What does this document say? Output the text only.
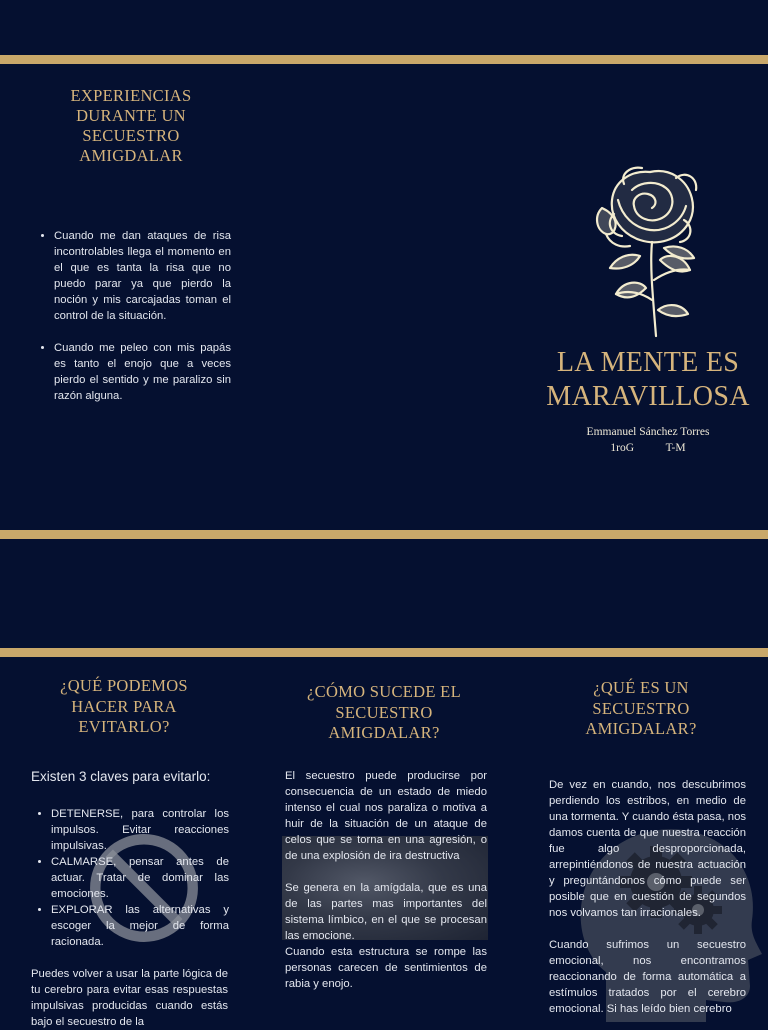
EXPERIENCIAS DURANTE UN SECUESTRO AMIGDALAR
• Cuando me dan ataques de risa incontrolables llega el momento en el que es tanta la risa que no puedo parar ya que pierdo la noción y mis carcajadas toman el control de la situación.
• Cuando me peleo con mis papás es tanto el enojo que a veces pierdo el sentido y me paralizo sin razón alguna.
LA MENTE ES MARAVILLOSA
Emmanuel Sánchez Torres
1roG	T-M
¿QUÉ PODEMOS HACER PARA EVITARLO?
Existen 3 claves para evitarlo:
• DETENERSE, para controlar los impulsos. Evitar reacciones impulsivas.
• CALMARSE, pensar antes de actuar. Tratar de dominar las emociones.
• EXPLORAR las alternativas y escoger la mejor de forma racionada.
Puedes volver a usar la parte lógica de tu cerebro para evitar esas respuestas impulsivas producidas cuando estás bajo el secuestro de la
¿CÓMO SUCEDE EL SECUESTRO AMIGDALAR?
El secuestro puede producirse por consecuencia de un estado de miedo intenso el cual nos paraliza o motiva a huir de la situación de un ataque de celos que se torna en una agresión, o de una explosión de ira destructiva
Se genera en la amígdala, que es una de las partes mas importantes del sistema límbico, en el que se procesan las emocione.
Cuando esta estructura se rompe las personas carecen de sentimientos de rabia y enojo.
¿QUÉ ES UN SECUESTRO AMIGDALAR?
De vez en cuando, nos descubrimos perdiendo los estribos, en medio de una tormenta. Y cuando ésta pasa, nos damos cuenta de que nuestra reacción fue algo desproporcionada, arrepintiéndonos de nuestra actuación y preguntándonos cómo puede ser posible que en cuestión de segundos nos volvamos tan irracionales.
Cuando sufrimos un secuestro emocional, nos encontramos reaccionando de forma automática a estímulos tratados por el cerebro emocional. Si has leído bien cerebro
